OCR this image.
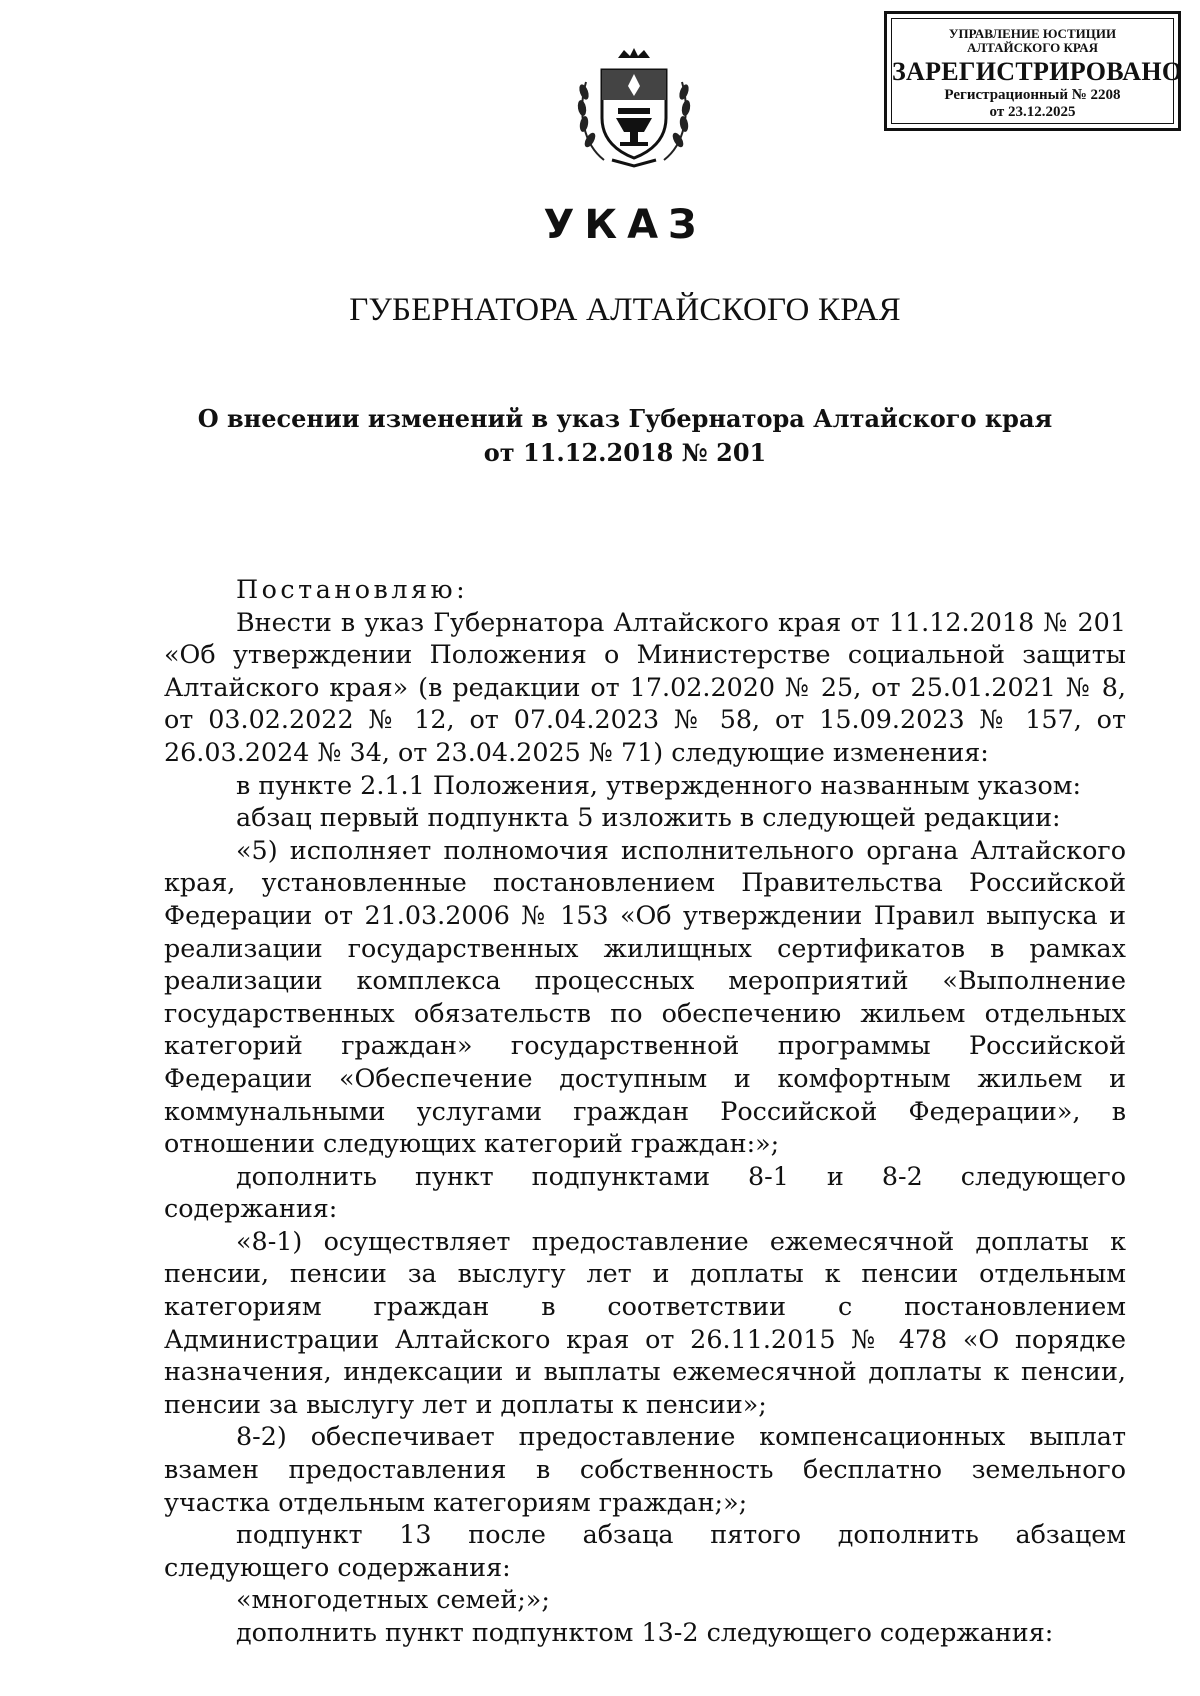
УПРАВЛЕНИЕ ЮСТИЦИИ
АЛТАЙСКОГО КРАЯ
ЗАРЕГИСТРИРОВАНО
Регистрационный № 2208
от 23.12.2025
УКАЗ
ГУБЕРНАТОРА АЛТАЙСКОГО КРАЯ
О внесении изменений в указ Губернатора Алтайского края
от 11.12.2018 № 201

Постановляю:

Внести в указ Губернатора Алтайского края от 11.12.2018 № 201 «Об утверждении Положения о Министерстве социальной защиты Алтайского края» (в редакции от 17.02.2020 № 25, от 25.01.2021 № 8, от 03.02.2022 № 12, от 07.04.2023 № 58, от 15.09.2023 № 157, от 26.03.2024 № 34, от 23.04.2025 № 71) следующие изменения:

в пункте 2.1.1 Положения, утвержденного названным указом:

абзац первый подпункта 5 изложить в следующей редакции:

«5) исполняет полномочия исполнительного органа Алтайского края, установленные постановлением Правительства Российской Федерации от 21.03.2006 № 153 «Об утверждении Правил выпуска и реализации государственных жилищных сертификатов в рамках реализации комплекса процессных мероприятий «Выполнение государственных обязательств по обеспечению жильем отдельных категорий граждан» государственной программы Российской Федерации «Обеспечение доступным и комфортным жильем и коммунальными услугами граждан Российской Федерации», в отношении следующих категорий граждан:»;

дополнить пункт подпунктами 8-1 и 8-2 следующего содержания:

«8-1) осуществляет предоставление ежемесячной доплаты к пенсии, пенсии за выслугу лет и доплаты к пенсии отдельным категориям граждан в соответствии с постановлением Администрации Алтайского края от 26.11.2015 № 478 «О порядке назначения, индексации и выплаты ежемесячной доплаты к пенсии, пенсии за выслугу лет и доплаты к пенсии»;

8-2) обеспечивает предоставление компенсационных выплат взамен предоставления в собственность бесплатно земельного участка отдельным категориям граждан;»;

подпункт 13 после абзаца пятого дополнить абзацем следующего содержания:

«многодетных семей;»;

дополнить пункт подпунктом 13-2 следующего содержания:
